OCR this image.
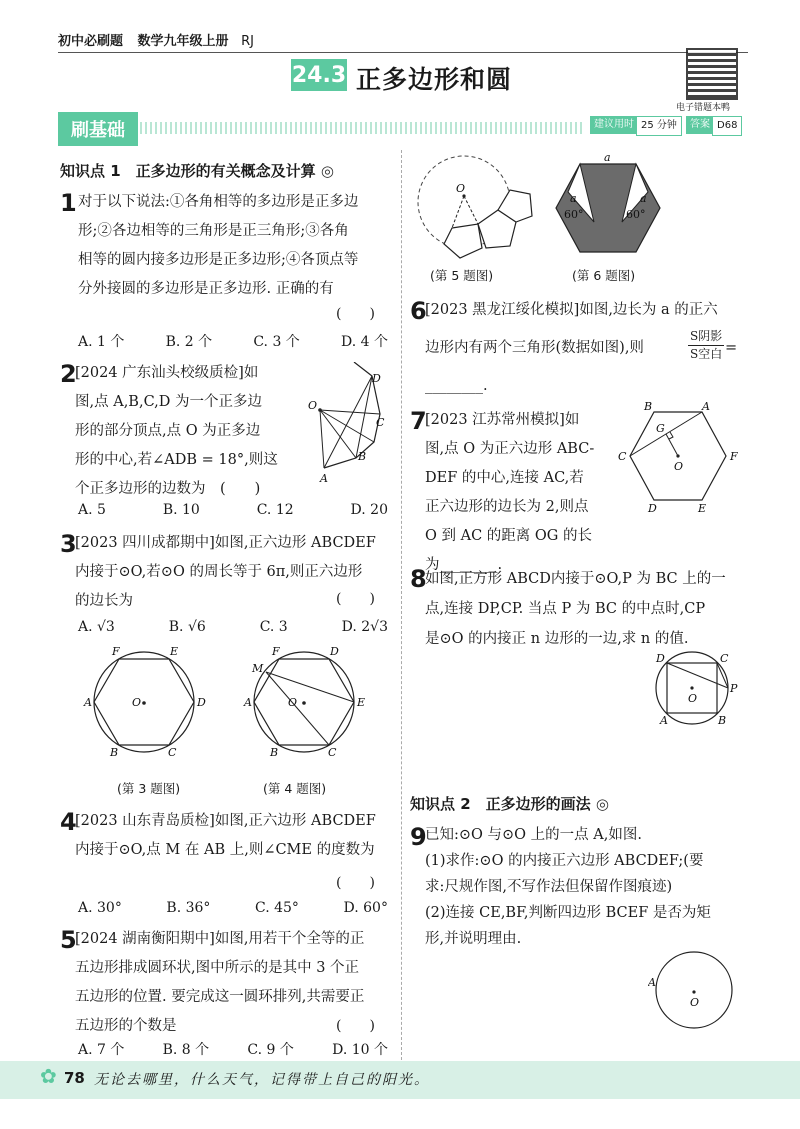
初中必刷题 数学九年级上册 RJ
24.3 正多边形和圆
电子错题本鸭
刷基础	建议用时 25 分钟	答案 D68
知识点 1　正多边形的有关概念及计算 ◎
1 对于以下说法:①各角相等的多边形是正多边
形;②各边相等的三角形是正三角形;③各角
相等的圆内接多边形是正多边形;④各顶点等
分外接圆的多边形是正多边形. 正确的有
(　　)
A. 1 个	B. 2 个	C. 3 个	D. 4 个
2
[2024 广东汕头校级质检]如
图,点 A,B,C,D 为一个正多边
形的部分顶点,点 O 为正多边
形的中心,若∠ADB = 18°,则这
个正多边形的边数为　(　　)
O
A
B
C
D
A. 5	B. 10	C. 12	D. 20
3
[2023 四川成都期中]如图,正六边形 ABCDEF
内接于⊙O,若⊙O 的周长等于 6π,则正六边形
的边长为	(　　)
A. √3	B. √6	C. 3	D. 2√3
O
A
B	C
D
E
F
(第 3 题图)
O
A
B	C
E
D
F
M
(第 4 题图)
4
[2023 山东青岛质检]如图,正六边形 ABCDEF
内接于⊙O,点 M 在 AB 上,则∠CME 的度数为
(　　)
A. 30°	B. 36°	C. 45°	D. 60°
5
[2024 湖南衡阳期中]如图,用若干个全等的正
五边形排成圆环状,图中所示的是其中 3 个正
五边形的位置. 要完成这一圆环排列,共需要正
五边形的个数是	(　　)
A. 7 个	B. 8 个	C. 9 个	D. 10 个
O
(第 5 题图)
a
a	a
60°	60°
(第 6 题图)
6
[2023 黑龙江绥化模拟]如图,边长为 a 的正六
边形内有两个三角形(数据如图),则
S阴影
S空白 =
________.
7
[2023 江苏常州模拟]如
图,点 O 为正六边形 ABC-
DEF 的中心,连接 AC,若
正六边形的边长为 2,则点
O 到 AC 的距离 OG 的长
为________.
O
G
B	A
C	F
D	E
8
如图,正方形 ABCD内接于⊙O,P 为 BC 上的一
点,连接 DP,CP. 当点 P 为 BC 的中点时,CP
是⊙O 的内接正 n 边形的一边,求 n 的值.
O
D	C
P
A	B
知识点 2　正多边形的画法 ◎
9
已知:⊙O 与⊙O 上的一点 A,如图.
(1)求作:⊙O 的内接正六边形 ABCDEF;(要
求:尺规作图,不写作法但保留作图痕迹)
(2)连接 CE,BF,判断四边形 BCEF 是否为矩
形,并说明理由.
O
A
✿ 78 无论去哪里，什么天气，记得带上自己的阳光。
